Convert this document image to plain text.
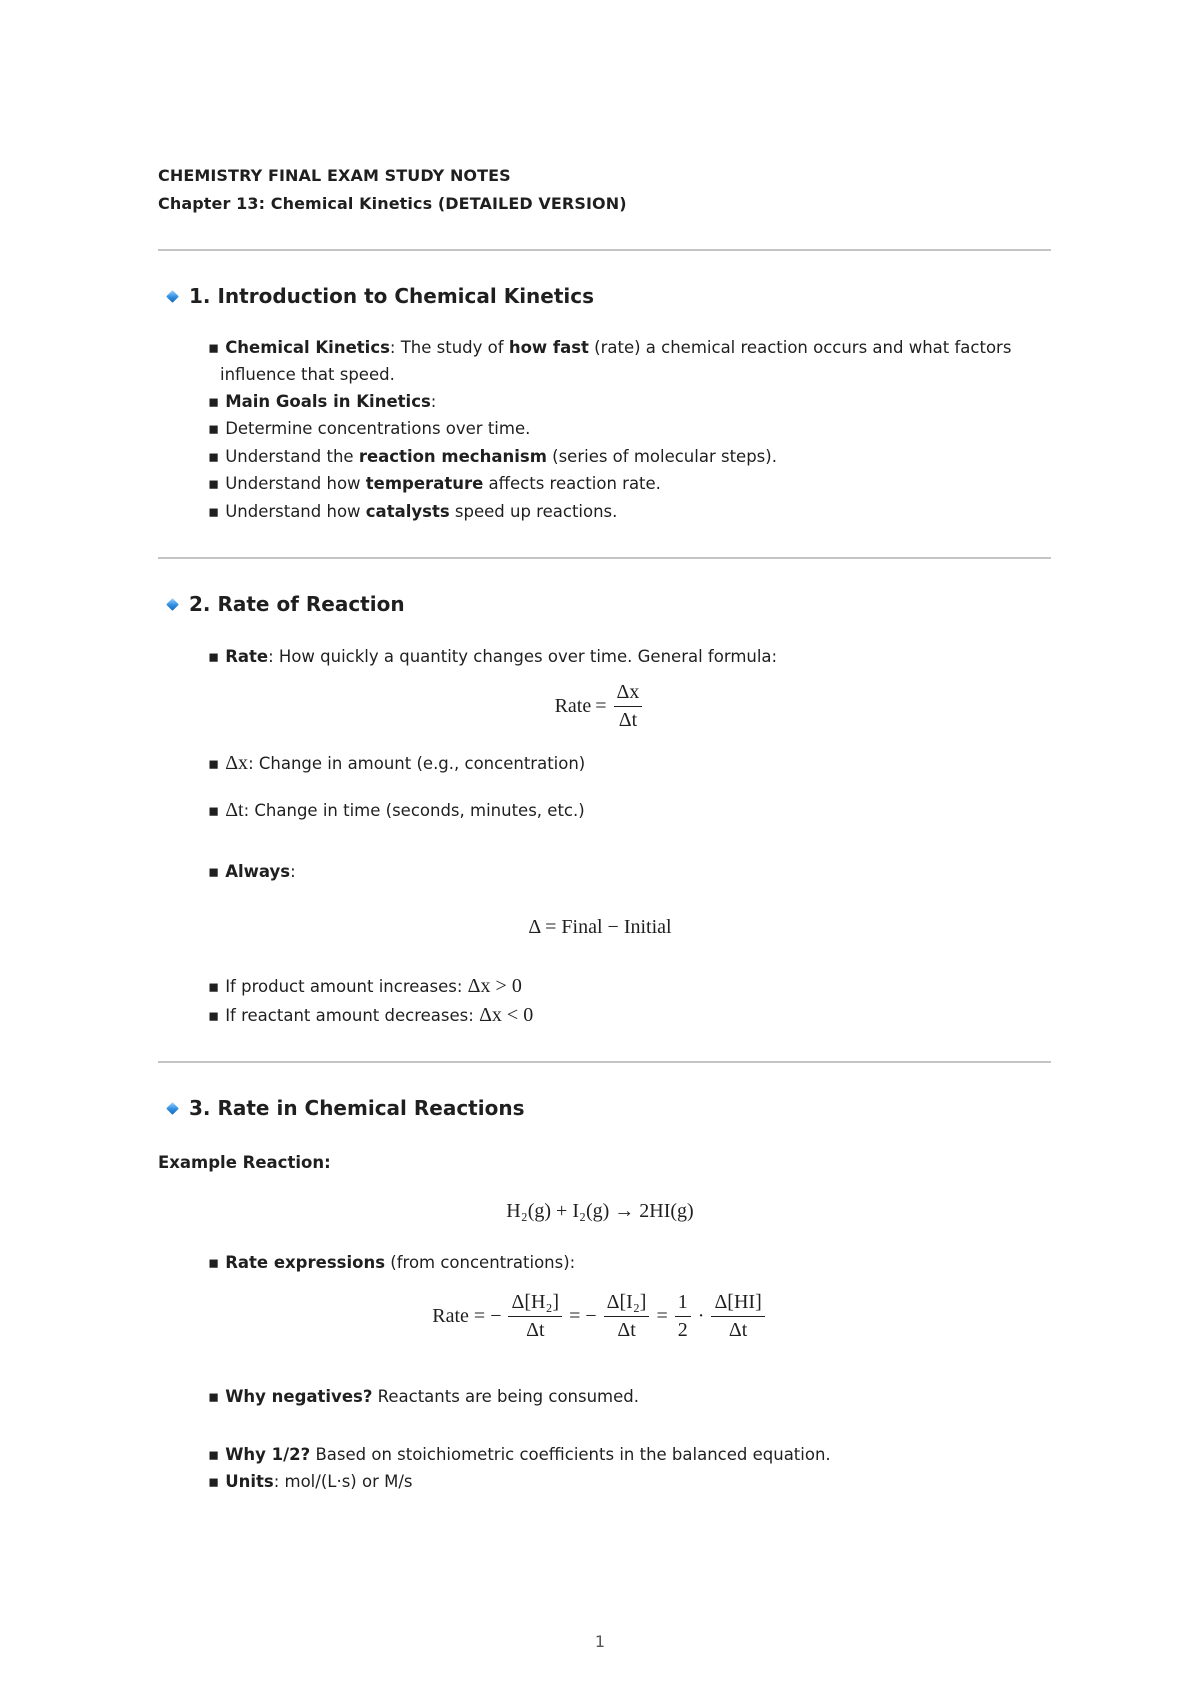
CHEMISTRY FINAL EXAM STUDY NOTES
Chapter 13: Chemical Kinetics (DETAILED VERSION)
1. Introduction to Chemical Kinetics
▪ Chemical Kinetics: The study of how fast (rate) a chemical reaction occurs and what factors
influence that speed.
▪ Main Goals in Kinetics:
▪ Determine concentrations over time.
▪ Understand the reaction mechanism (series of molecular steps).
▪ Understand how temperature affects reaction rate.
▪ Understand how catalysts speed up reactions.
2. Rate of Reaction
▪ Rate: How quickly a quantity changes over time. General formula:
Rate = $\frac{\Delta x}{\Delta t}$
▪ Δx: Change in amount (e.g., concentration)
▪ Δt: Change in time (seconds, minutes, etc.)
▪ Always:
Δ = Final − Initial
▪ If product amount increases: Δx > 0
▪ If reactant amount decreases: Δx < 0
3. Rate in Chemical Reactions
Example Reaction:
H₂(g) + I₂(g) → 2HI(g)
▪ Rate expressions (from concentrations):
Rate = − $\frac{\text{Δ[H₂]}}{\Delta t}$ = − $\frac{\text{Δ[I₂]}}{\Delta t} = \frac{1}{2} \cdot \frac{\Delta[HI]}{\Delta t}$
▪ Why negatives? Reactants are being consumed.
▪ Why 1/2? Based on stoichiometric coefficients in the balanced equation.
▪ Units: mol/(L·s) or M/s
1
